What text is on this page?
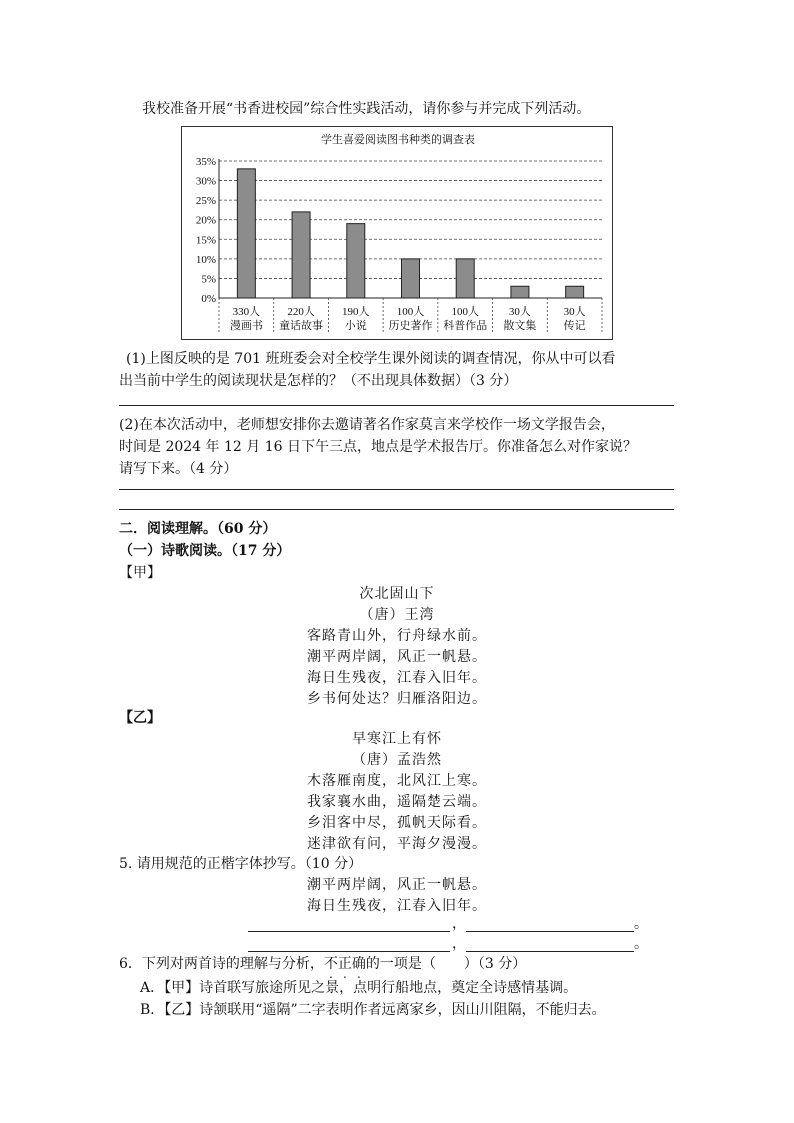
我校准备开展“书香进校园”综合性实践活动，请你参与并完成下列活动。
学生喜爱阅读图书种类的调查表
0%
5%
10%
15%
20%
25%
30%
35%
330人
漫画书
220人
童话故事
190人
小说
100人
历史著作
100人
科普作品
30人
散文集
30人
传记
(1)上图反映的是 701 班班委会对全校学生课外阅读的调查情况，你从中可以看
出当前中学生的阅读现状是怎样的？（不出现具体数据）（3 分）
(2)在本次活动中，老师想安排你去邀请著名作家莫言来学校作一场文学报告会，
时间是 2024 年 12 月 16 日下午三点，地点是学术报告厅。你准备怎么对作家说？
请写下来。（4 分）
二．阅读理解。（60 分）
（一）诗歌阅读。（17 分）
【甲】
次北固山下
（唐）王湾
客路青山外，行舟绿水前。
潮平两岸阔，风正一帆悬。
海日生残夜，江春入旧年。
乡书何处达？归雁洛阳边。
【乙】
早寒江上有怀
（唐）孟浩然
木落雁南度，北风江上寒。
我家襄水曲，遥隔楚云端。
乡泪客中尽，孤帆天际看。
迷津欲有问，平海夕漫漫。
5. 请用规范的正楷字体抄写。（10 分）
潮平两岸阔，风正一帆悬。
海日生残夜，江春入旧年。
，	。
，	。
6．下列对两首诗的理解与分析，不正确的一项是（　　）（3 分）
A．【甲】诗首联写旅途所见之景，点明行船地点，奠定全诗感情基调。
B．【乙】诗颔联用“遥隔”二字表明作者远离家乡，因山川阻隔，不能归去。
